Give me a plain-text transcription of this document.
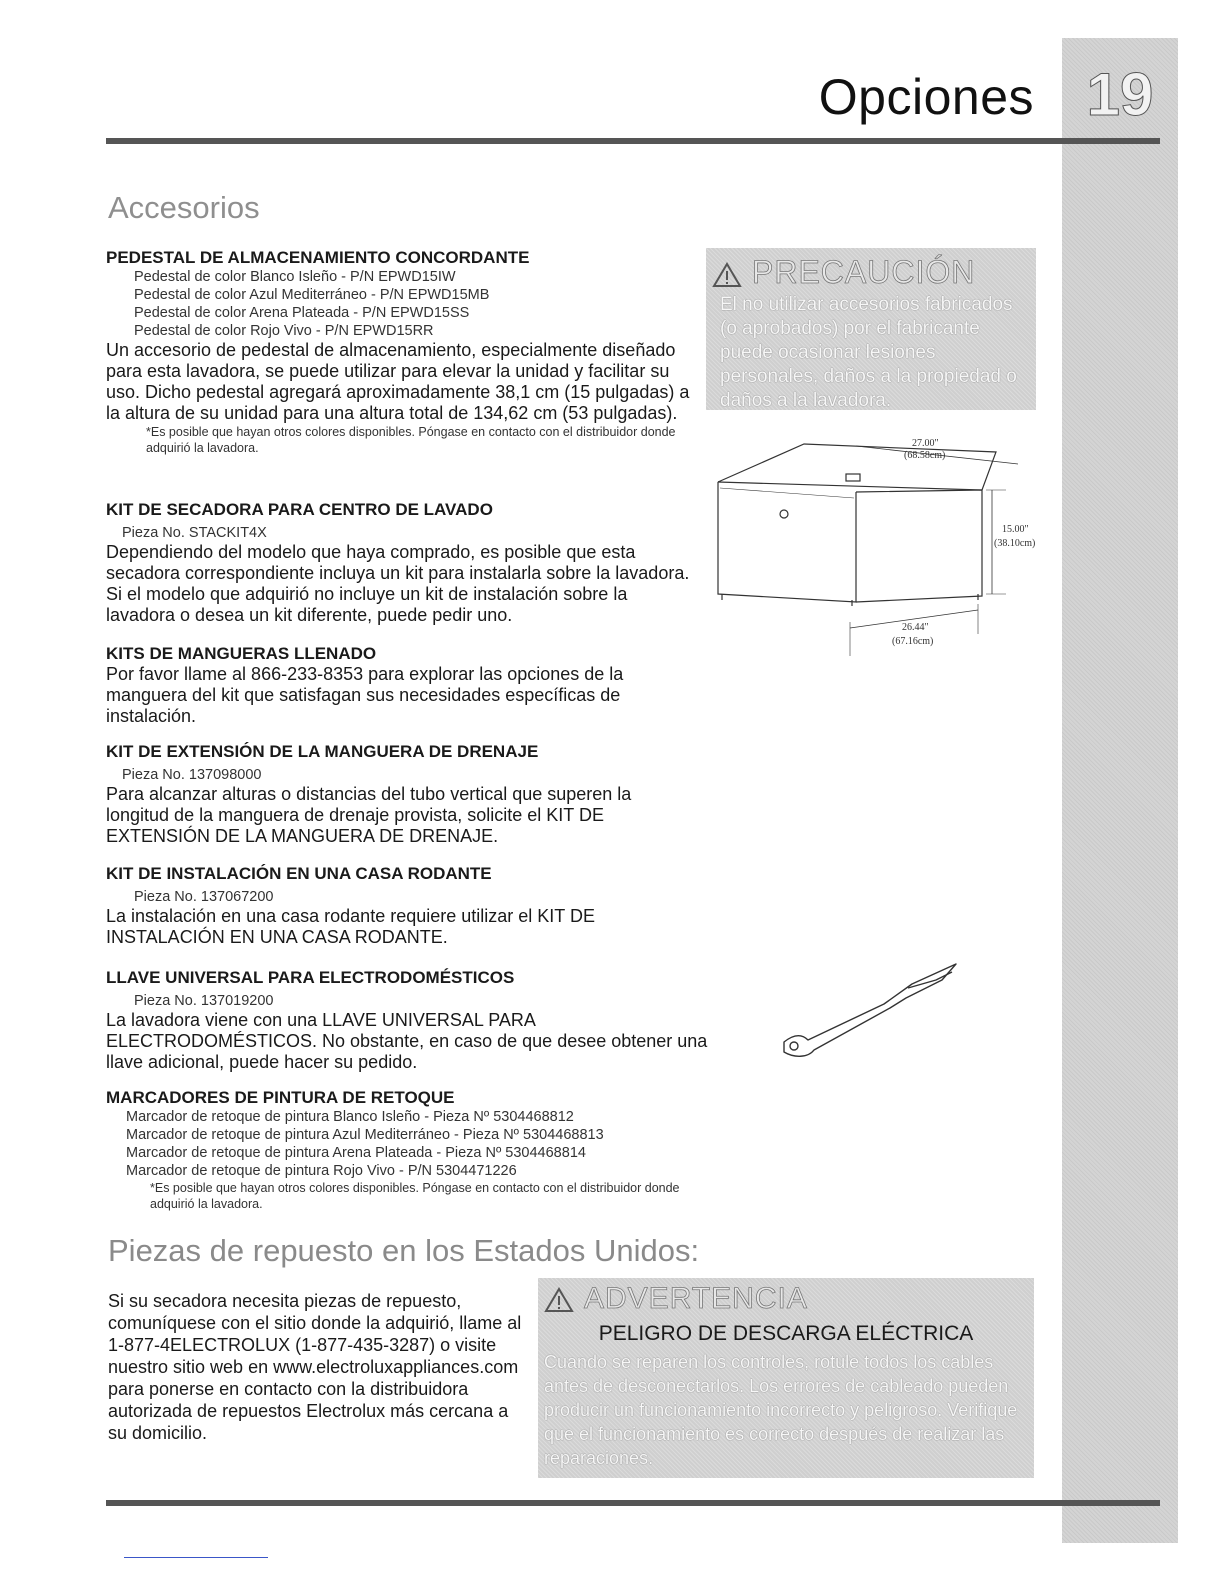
Opciones 19
Accesorios

PEDESTAL DE ALMACENAMIENTO CONCORDANTE

Pedestal de color Blanco Isleño - P/N EPWD15IW
Pedestal de color Azul Mediterráneo - P/N EPWD15MB
Pedestal de color Arena Plateada - P/N EPWD15SS
Pedestal de color Rojo Vivo - P/N EPWD15RR
Un accesorio de pedestal de almacenamiento, especialmente diseñado para esta lavadora, se puede utilizar para elevar la unidad y facilitar su uso. Dicho pedestal agregará aproximadamente 38,1 cm (15 pulgadas) a la altura de su unidad para una altura total de 134,62 cm (53 pulgadas).
*Es posible que hayan otros colores disponibles. Póngase en contacto con el distribuidor donde adquirió la lavadora.

KIT DE SECADORA PARA CENTRO DE LAVADO

Pieza No. STACKIT4X
Dependiendo del modelo que haya comprado, es posible que esta secadora correspondiente incluya un kit para instalarla sobre la lavadora. Si el modelo que adquirió no incluye un kit de instalación sobre la lavadora o desea un kit diferente, puede pedir uno.

KITS DE MANGUERAS LLENADO

Por favor llame al 866-233-8353 para explorar las opciones de la manguera del kit que satisfagan sus necesidades específicas de instalación.

KIT DE EXTENSIÓN DE LA MANGUERA DE DRENAJE

Pieza No. 137098000
Para alcanzar alturas o distancias del tubo vertical que superen la longitud de la manguera de drenaje provista, solicite el KIT DE EXTENSIÓN DE LA MANGUERA DE DRENAJE.

KIT DE INSTALACIÓN EN UNA CASA RODANTE

Pieza No. 137067200
La instalación en una casa rodante requiere utilizar el KIT DE INSTALACIÓN EN UNA CASA RODANTE.

LLAVE UNIVERSAL PARA ELECTRODOMÉSTICOS

Pieza No. 137019200
La lavadora viene con una LLAVE UNIVERSAL PARA ELECTRODOMÉSTICOS. No obstante, en caso de que desee obtener una llave adicional, puede hacer su pedido.

MARCADORES DE PINTURA DE RETOQUE

Marcador de retoque de pintura Blanco Isleño - Pieza Nº 5304468812
Marcador de retoque de pintura Azul Mediterráneo - Pieza Nº 5304468813
Marcador de retoque de pintura Arena Plateada - Pieza Nº 5304468814
Marcador de retoque de pintura Rojo Vivo - P/N 5304471226
*Es posible que hayan otros colores disponibles. Póngase en contacto con el distribuidor donde adquirió la lavadora.
PRECAUCIÓN
El no utilizar accesorios fabricados (o aprobados) por el fabricante puede ocasionar lesiones personales, daños a la propiedad o daños a la lavadora.
27.00"
(68.58cm)
15.00"
(38.10cm)
26.44"
(67.16cm)
Piezas de repuesto en los Estados Unidos:
Si su secadora necesita piezas de repuesto, comuníquese con el sitio donde la adquirió, llame al 1-877-4ELECTROLUX (1-877-435-3287) o visite nuestro sitio web en www.electroluxappliances.com para ponerse en contacto con la distribuidora autorizada de repuestos Electrolux más cercana a su domicilio.
ADVERTENCIA
PELIGRO DE DESCARGA ELÉCTRICA
Cuando se reparen los controles, rotule todos los cables antes de desconectarlos. Los errores de cableado pueden producir un funcionamiento incorrecto y peligroso. Verifique que el funcionamiento es correcto después de realizar las reparaciones.
